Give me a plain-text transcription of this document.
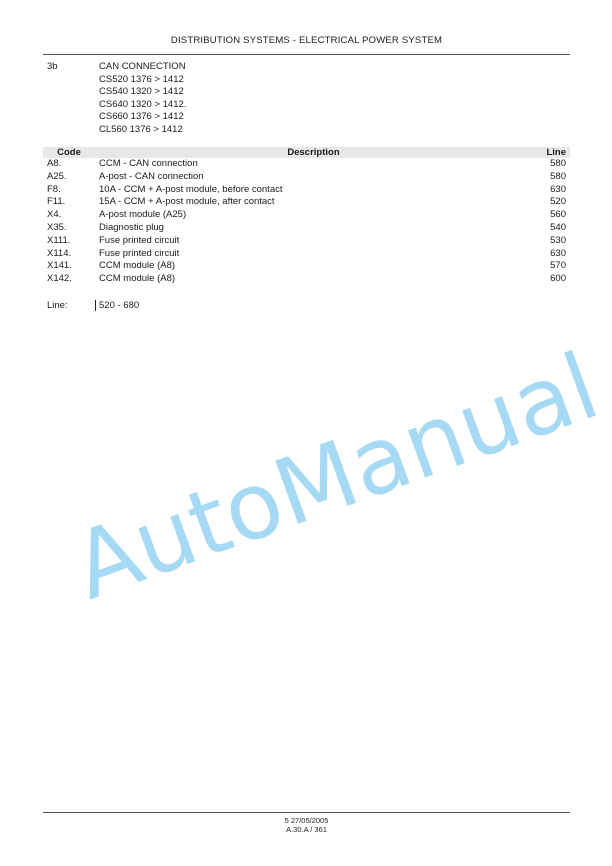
DISTRIBUTION SYSTEMS - ELECTRICAL POWER SYSTEM
3b	CAN CONNECTION
CS520 1376 > 1412
CS540 1320 > 1412
CS640 1320 > 1412.
CS660 1376 > 1412
CL560 1376 > 1412
Code	Description	Line
A8.	CCM - CAN connection	580
A25.	A-post - CAN connection	580
F8.	10A - CCM + A-post module, before contact	630
F11.	15A - CCM + A-post module, after contact	520
X4.	A-post module (A25)	560
X35.	Diagnostic plug	540
X111.	Fuse printed circuit	530
X114.	Fuse printed circuit	630
X141.	CCM module (A8)	570
X142.	CCM module (A8)	600
Line:	520 - 680
AutoManual
5 27/05/2005
A.30.A / 361
